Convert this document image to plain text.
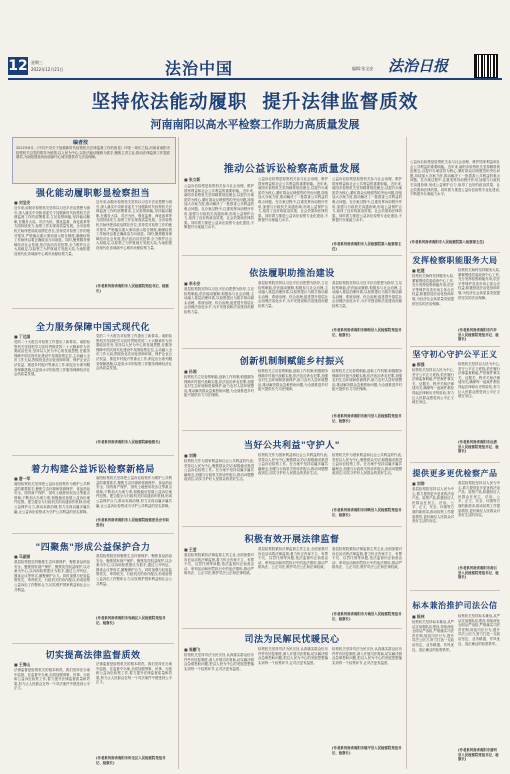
12 星期三
2022年12月21日	法治中国	编辑:张宝安 法治日报
坚持依法能动履职  提升法律监督质效
河南南阳以高水平检察工作助力高质量发展
编者按
2022年6月,《中共中央关于加强新时代检察机关法律监督工作的意见》印发一周年之际,河南省南阳市检察机关以党的领导为统领,以人民为中心,以依法能动履职为抓手,聚焦主责主业,推动法律监督工作提质增效,为南阳建设河南省副中心城市提供有力法治保障。
强化能动履职彰显检察担当
■ 刘宝安
近年来,南阳市检察机关坚持以习近平法治思想为指引,深入落实中央和省委关于加强新时代检察机关法律监督工作的部署要求,立足检察职能,坚持能动履职,在服务大局、司法为民、强化监督、深化改革等方面持续发力,检察工作实现高质量发展。全市检察机关始终把讲政治摆在首位,坚持党对检察工作的绝对领导,严格落实重大事项请示报告制度,确保检察工作始终沿着正确政治方向前进。同时,聚焦服务保障经济社会发展,依法惩治各类犯罪,全力维护社会大局稳定,以检察之为护航地方发展大局,为南阳建设现代化省域副中心城市贡献检察力量。
近年来,南阳市检察机关坚持以习近平法治思想为指引,深入落实中央和省委关于加强新时代检察机关法律监督工作的部署要求,立足检察职能,坚持能动履职,在服务大局、司法为民、强化监督、深化改革等方面持续发力,检察工作实现高质量发展。全市检察机关始终把讲政治摆在首位,坚持党对检察工作的绝对领导,严格落实重大事项请示报告制度,确保检察工作始终沿着正确政治方向前进。同时,聚焦服务保障经济社会发展,依法惩治各类犯罪,全力维护社会大局稳定,以检察之为护航地方发展大局,为南阳建设现代化省域副中心城市贡献检察力量。
(作者系河南省南阳市人民检察院党组书记、检察长)
全力服务保障中国式现代化
■ 丁达国
党的二十大报告对检察工作提出了新要求。南阳检察机关坚持把学习宣传贯彻党的二十大精神作为首要政治任务,坚持以人民为中心的发展思想,在服务保障中国式现代化建设中找准检察定位,主动融入全市工作大局,围绕优化法治化营商环境、保护企业合法权益、推进乡村振兴等重点工作,制定出台系列服务保障措施,以更高水平的检察工作服务保障经济社会高质量发展。
党的二十大报告对检察工作提出了新要求。南阳检察机关坚持把学习宣传贯彻党的二十大精神作为首要政治任务,坚持以人民为中心的发展思想,在服务保障中国式现代化建设中找准检察定位,主动融入全市工作大局,围绕优化法治化营商环境、保护企业合法权益、推进乡村振兴等重点工作,制定出台系列服务保障措施,以更高水平的检察工作服务保障经济社会高质量发展。
(作者系河南省南阳市人民检察院副检察长)
着力构建公益诉讼检察新格局
■ 唐一军
南阳检察机关坚持把公益诉讼检察作为维护公共利益的重要抓手,聚焦生态环境和资源保护、食品药品安全、国有财产保护、国有土地使用权出让等重点领域,不断加大办案力度,积极稳妥拓展公益诉讼案件范围。建立健全与行政机关的沟通协作机制,形成公益保护合力,推动诉源治理,努力实现双赢多赢共赢,让公益诉讼检察成为守护公共利益的坚实屏障。
南阳检察机关坚持把公益诉讼检察作为维护公共利益的重要抓手,聚焦生态环境和资源保护、食品药品安全、国有财产保护、国有土地使用权出让等重点领域,不断加大办案力度,积极稳妥拓展公益诉讼案件范围。建立健全与行政机关的沟通协作机制,形成公益保护合力,推动诉源治理,努力实现双赢多赢共赢,让公益诉讼检察成为守护公共利益的坚实屏障。
(作者系河南省南阳市人民检察院检察委员会专职委员)
"四聚焦"形成公益保护合力
■ 马淑丽
基层检察院坚持聚焦生态环境保护、聚焦食品药品安全、聚焦国有财产保护、聚焦英烈权益保护,以办案为中心,以诉前检察建议为抓手,通过公开听证、圆桌会议等形式,凝聚保护合力。同时加强与纪检监察机关、审判机关、行政机关的协作配合,形成检察公益诉讼工作整体合力,切实维护国家利益和社会公共利益。
基层检察院坚持聚焦生态环境保护、聚焦食品药品安全、聚焦国有财产保护、聚焦英烈权益保护,以办案为中心,以诉前检察建议为抓手,通过公开听证、圆桌会议等形式,凝聚保护合力。同时加强与纪检监察机关、审判机关、行政机关的协作配合,形成检察公益诉讼工作整体合力,切实维护国家利益和社会公共利益。
(作者系河南省南阳市宛城区人民检察院党组书记、检察长)
切实提高法律监督质效
■ 王海山
法律监督是检察机关的根本职责。我们坚持在办案中监督、在监督中办案,全面加强刑事、民事、行政和公益诉讼检察工作,着力提升法律监督质量和效果,努力让人民群众在每一个司法案件中感受到公平正义。
法律监督是检察机关的根本职责。我们坚持在办案中监督、在监督中办案,全面加强刑事、民事、行政和公益诉讼检察工作,着力提升法律监督质量和效果,努力让人民群众在每一个司法案件中感受到公平正义。
(作者系河南省南阳市卧龙区人民检察院党组书记、检察长)
推动公益诉讼检察高质量发展
■ 张立新
公益诉讼检察是检察机关参与社会治理、维护国家利益和社会公共利益的重要职能。近年来,南阳市检察机关坚持精准规范理念,以提升办案质效为核心,紧盯群众反映强烈的突出问题,持续加大办案力度,推动解决了一批损害公共利益的难点问题。在办案过程中,注重发挥诉前程序作用,加强与行政机关沟通协调,形成公益保护合力,取得了良好的政治效果、社会效果和法律效果。同时着力推进公益诉讼检察专业化建设,不断提升办案能力水平。
公益诉讼检察是检察机关参与社会治理、维护国家利益和社会公共利益的重要职能。近年来,南阳市检察机关坚持精准规范理念,以提升办案质效为核心,紧盯群众反映强烈的突出问题,持续加大办案力度,推动解决了一批损害公共利益的难点问题。在办案过程中,注重发挥诉前程序作用,加强与行政机关沟通协调,形成公益保护合力,取得了良好的政治效果、社会效果和法律效果。同时着力推进公益诉讼检察专业化建设,不断提升办案能力水平。
公益诉讼检察是检察机关参与社会治理、维护国家利益和社会公共利益的重要职能。近年来,南阳市检察机关坚持精准规范理念,以提升办案质效为核心,紧盯群众反映强烈的突出问题,持续加大办案力度,推动解决了一批损害公共利益的难点问题。在办案过程中,注重发挥诉前程序作用,加强与行政机关沟通协调,形成公益保护合力,取得了良好的政治效果、社会效果和法律效果。同时着力推进公益诉讼检察专业化建设,不断提升办案能力水平。
(作者系河南省南阳市人民检察院第八检察部主任)
依法履职助推治建设
■ 李永安
基层检察院坚持以习近平法治思想为指导,立足检察职能,依法能动履职,积极参与社会治理,主动融入基层治理体系,以检察建议为抓手推动源头治理、系统治理、综合治理,促进提升基层社会治理法治化水平,为平安建设和法治建设贡献检察力量。
基层检察院坚持以习近平法治思想为指导,立足检察职能,依法能动履职,积极参与社会治理,主动融入基层治理体系,以检察建议为抓手推动源头治理、系统治理、综合治理,促进提升基层社会治理法治化水平,为平安建设和法治建设贡献检察力量。
基层检察院坚持以习近平法治思想为指导,立足检察职能,依法能动履职,积极参与社会治理,主动融入基层治理体系,以检察建议为抓手推动源头治理、系统治理、综合治理,促进提升基层社会治理法治化水平,为平安建设和法治建设贡献检察力量。
(作者系河南省南阳市桐柏县人民检察院党组书记、检察长)
创新机制制赋能乡村振兴
■ 孙湘
检察机关立足检察职能,创新工作机制,积极服务保障乡村振兴战略实施,依法惩治涉农犯罪,加强农村生态环境和资源保护,助力农村人居环境整治,推动解决群众急难愁盼问题,为全面推进乡村振兴提供有力司法保障。
检察机关立足检察职能,创新工作机制,积极服务保障乡村振兴战略实施,依法惩治涉农犯罪,加强农村生态环境和资源保护,助力农村人居环境整治,推动解决群众急难愁盼问题,为全面推进乡村振兴提供有力司法保障。
检察机关立足检察职能,创新工作机制,积极服务保障乡村振兴战略实施,依法惩治涉农犯罪,加强农村生态环境和资源保护,助力农村人居环境整治,推动解决群众急难愁盼问题,为全面推进乡村振兴提供有力司法保障。
(作者系河南省南阳市淅川县人民检察院党组书记、检察长)
当好公共利益"守护人"
■ 刘海
检察机关作为国家利益和社会公共利益的代表,坚持以人民为中心,聚焦群众关切,积极稳妥推进公益诉讼检察工作。在办案中坚持双赢多赢共赢理念,加强与行政机关的协作配合,推动问题整改到位,切实守护好人民群众的美好生活。
检察机关作为国家利益和社会公共利益的代表,坚持以人民为中心,聚焦群众关切,积极稳妥推进公益诉讼检察工作。在办案中坚持双赢多赢共赢理念,加强与行政机关的协作配合,推动问题整改到位,切实守护好人民群众的美好生活。
检察机关作为国家利益和社会公共利益的代表,坚持以人民为中心,聚焦群众关切,积极稳妥推进公益诉讼检察工作。在办案中坚持双赢多赢共赢理念,加强与行政机关的协作配合,推动问题整改到位,切实守护好人民群众的美好生活。
(作者系河南省南阳市西峡县人民检察院党组书记、检察长)
积极有效开展法律监督
■ 王莹
基层检察院紧扣法律监督主责主业,全面加强对诉讼活动的法律监督,着力纠正有案不立、有罪不究、以罚代刑等问题,依法监督纠正侦查活动、审判活动和刑罚执行中的违法情形,推动严格执法、公正司法,维护司法公正和法律权威。
基层检察院紧扣法律监督主责主业,全面加强对诉讼活动的法律监督,着力纠正有案不立、有罪不究、以罚代刑等问题,依法监督纠正侦查活动、审判活动和刑罚执行中的违法情形,推动严格执法、公正司法,维护司法公正和法律权威。
基层检察院紧扣法律监督主责主业,全面加强对诉讼活动的法律监督,着力纠正有案不立、有罪不究、以罚代刑等问题,依法监督纠正侦查活动、审判活动和刑罚执行中的违法情形,推动严格执法、公正司法,维护司法公正和法律权威。
(作者系河南省南阳市方城县人民检察院党组书记、检察长)
司法为民解民忧暖民心
■ 周鹏飞
检察机关坚持司法为民宗旨,认真落实群众信访件件有回复制度,深入开展司法救助,切实解决群众急难愁盼问题,把以人民为中心的发展思想落实到每一个检察环节,让司法更有温度。
检察机关坚持司法为民宗旨,认真落实群众信访件件有回复制度,深入开展司法救助,切实解决群众急难愁盼问题,把以人民为中心的发展思想落实到每一个检察环节,让司法更有温度。
检察机关坚持司法为民宗旨,认真落实群众信访件件有回复制度,深入开展司法救助,切实解决群众急难愁盼问题,把以人民为中心的发展思想落实到每一个检察环节,让司法更有温度。
(作者系河南省南阳市镇平县人民检察院党组书记、检察长)
公益诉讼检察是检察机关参与社会治理、维护国家利益和社会公共利益的重要职能。近年来,南阳市检察机关坚持精准规范理念,以提升办案质效为核心,紧盯群众反映强烈的突出问题,持续加大办案力度,推动解决了一批损害公共利益的难点问题。在办案过程中,注重发挥诉前程序作用,加强与行政机关沟通协调,形成公益保护合力,取得了良好的政治效果、社会效果和法律效果。同时着力推进公益诉讼检察专业化建设,不断提升办案能力水平。
(作者系河南省南阳市人民检察院第八检察部主任)
发挥检察职能服务大局
■ 赵建
检察机关始终坚持服务大局,紧紧围绕党委政府中心工作,充分发挥检察职能作用,依法平等保护各类市场主体合法权益,积极营造法治化营商环境,为经济社会高质量发展提供坚实的法治保障。
检察机关始终坚持服务大局,紧紧围绕党委政府中心工作,充分发挥检察职能作用,依法平等保护各类市场主体合法权益,积极营造法治化营商环境,为经济社会高质量发展提供坚实的法治保障。
(作者系河南省南阳市内乡县人民检察院党组书记、检察长)
坚守初心守护公平正义
■ 郭强
检察机关坚持以人民为中心,坚守公平正义底线,依法履行法律监督职能,严把案件事实关、证据关、程序关和法律适用关,确保每一起案件都经得起法律和历史的检验,努力让人民群众感受到公平正义就在身边。
检察机关坚持以人民为中心,坚守公平正义底线,依法履行法律监督职能,严把案件事实关、证据关、程序关和法律适用关,确保每一起案件都经得起法律和历史的检验,努力让人民群众感受到公平正义就在身边。
(作者系河南省南阳市社旗县人民检察院党组书记、检察长)
提供更多更优检察产品
■ 刘涛
基层检察院坚持以人民为中心,着力提供更多更优的法治产品、检察产品,积极回应人民群众在民主、法治、公平、正义、安全、环境等方面的新需求,推动检察工作提质增效,更好满足人民群众对美好生活的向往。
基层检察院坚持以人民为中心,着力提供更多更优的法治产品、检察产品,积极回应人民群众在民主、法治、公平、正义、安全、环境等方面的新需求,推动检察工作提质增效,更好满足人民群众对美好生活的向往。
(作者系河南省南阳市南召县人民检察院党组书记、检察长)
标本兼治推护司法公信
■ 陈林
检察机关坚持标本兼治,从严从实加强队伍建设,持续深化全面从严治检,严格落实司法责任制,规范司法行为,提升司法公信力,努力打造一支政治坚定、业务精通、作风优良、清正廉洁的检察铁军。
检察机关坚持标本兼治,从严从实加强队伍建设,持续深化全面从严治检,严格落实司法责任制,规范司法行为,提升司法公信力,努力打造一支政治坚定、业务精通、作风优良、清正廉洁的检察铁军。
(作者系河南省南阳市唐河县人民检察院党组书记、检察长)
